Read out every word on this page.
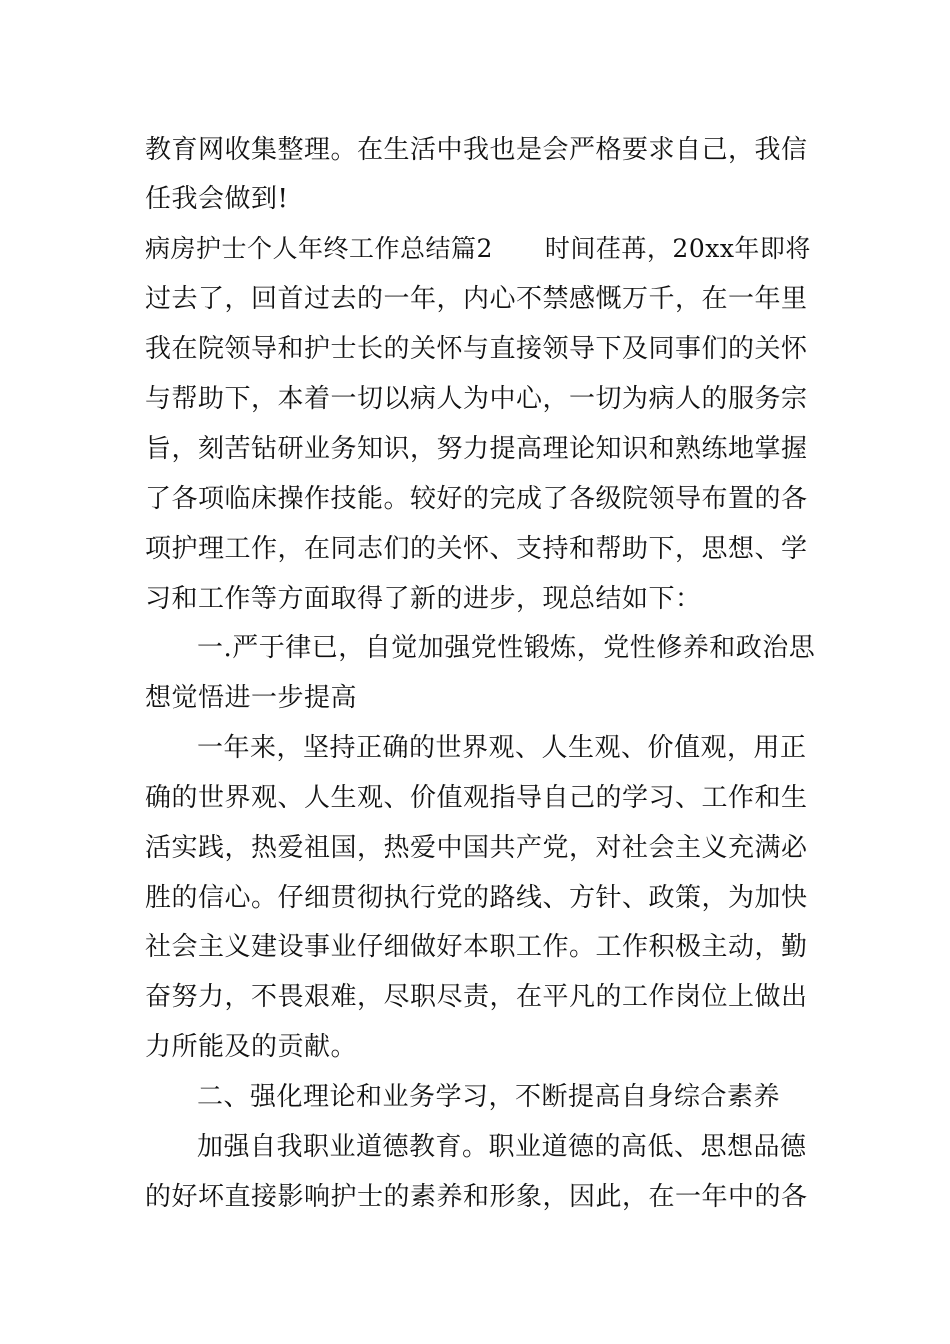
教育网收集整理。在生活中我也是会严格要求自己，我信
任我会做到!
病房护士个人年终工作总结篇2 时间荏苒，20xx年即将
过去了，回首过去的一年，内心不禁感慨万千，在一年里
我在院领导和护士长的关怀与直接领导下及同事们的关怀
与帮助下，本着一切以病人为中心，一切为病人的服务宗
旨，刻苦钻研业务知识，努力提高理论知识和熟练地掌握
了各项临床操作技能。较好的完成了各级院领导布置的各
项护理工作，在同志们的关怀、支持和帮助下，思想、学
习和工作等方面取得了新的进步，现总结如下：
一.严于律已，自觉加强党性锻炼，党性修养和政治思
想觉悟进一步提高
一年来，坚持正确的世界观、人生观、价值观，用正
确的世界观、人生观、价值观指导自己的学习、工作和生
活实践，热爱祖国，热爱中国共产党，对社会主义充满必
胜的信心。仔细贯彻执行党的路线、方针、政策，为加快
社会主义建设事业仔细做好本职工作。工作积极主动，勤
奋努力，不畏艰难，尽职尽责，在平凡的工作岗位上做出
力所能及的贡献。
二、强化理论和业务学习，不断提高自身综合素养
加强自我职业道德教育。职业道德的高低、思想品德
的好坏直接影响护士的素养和形象，因此，在一年中的各
